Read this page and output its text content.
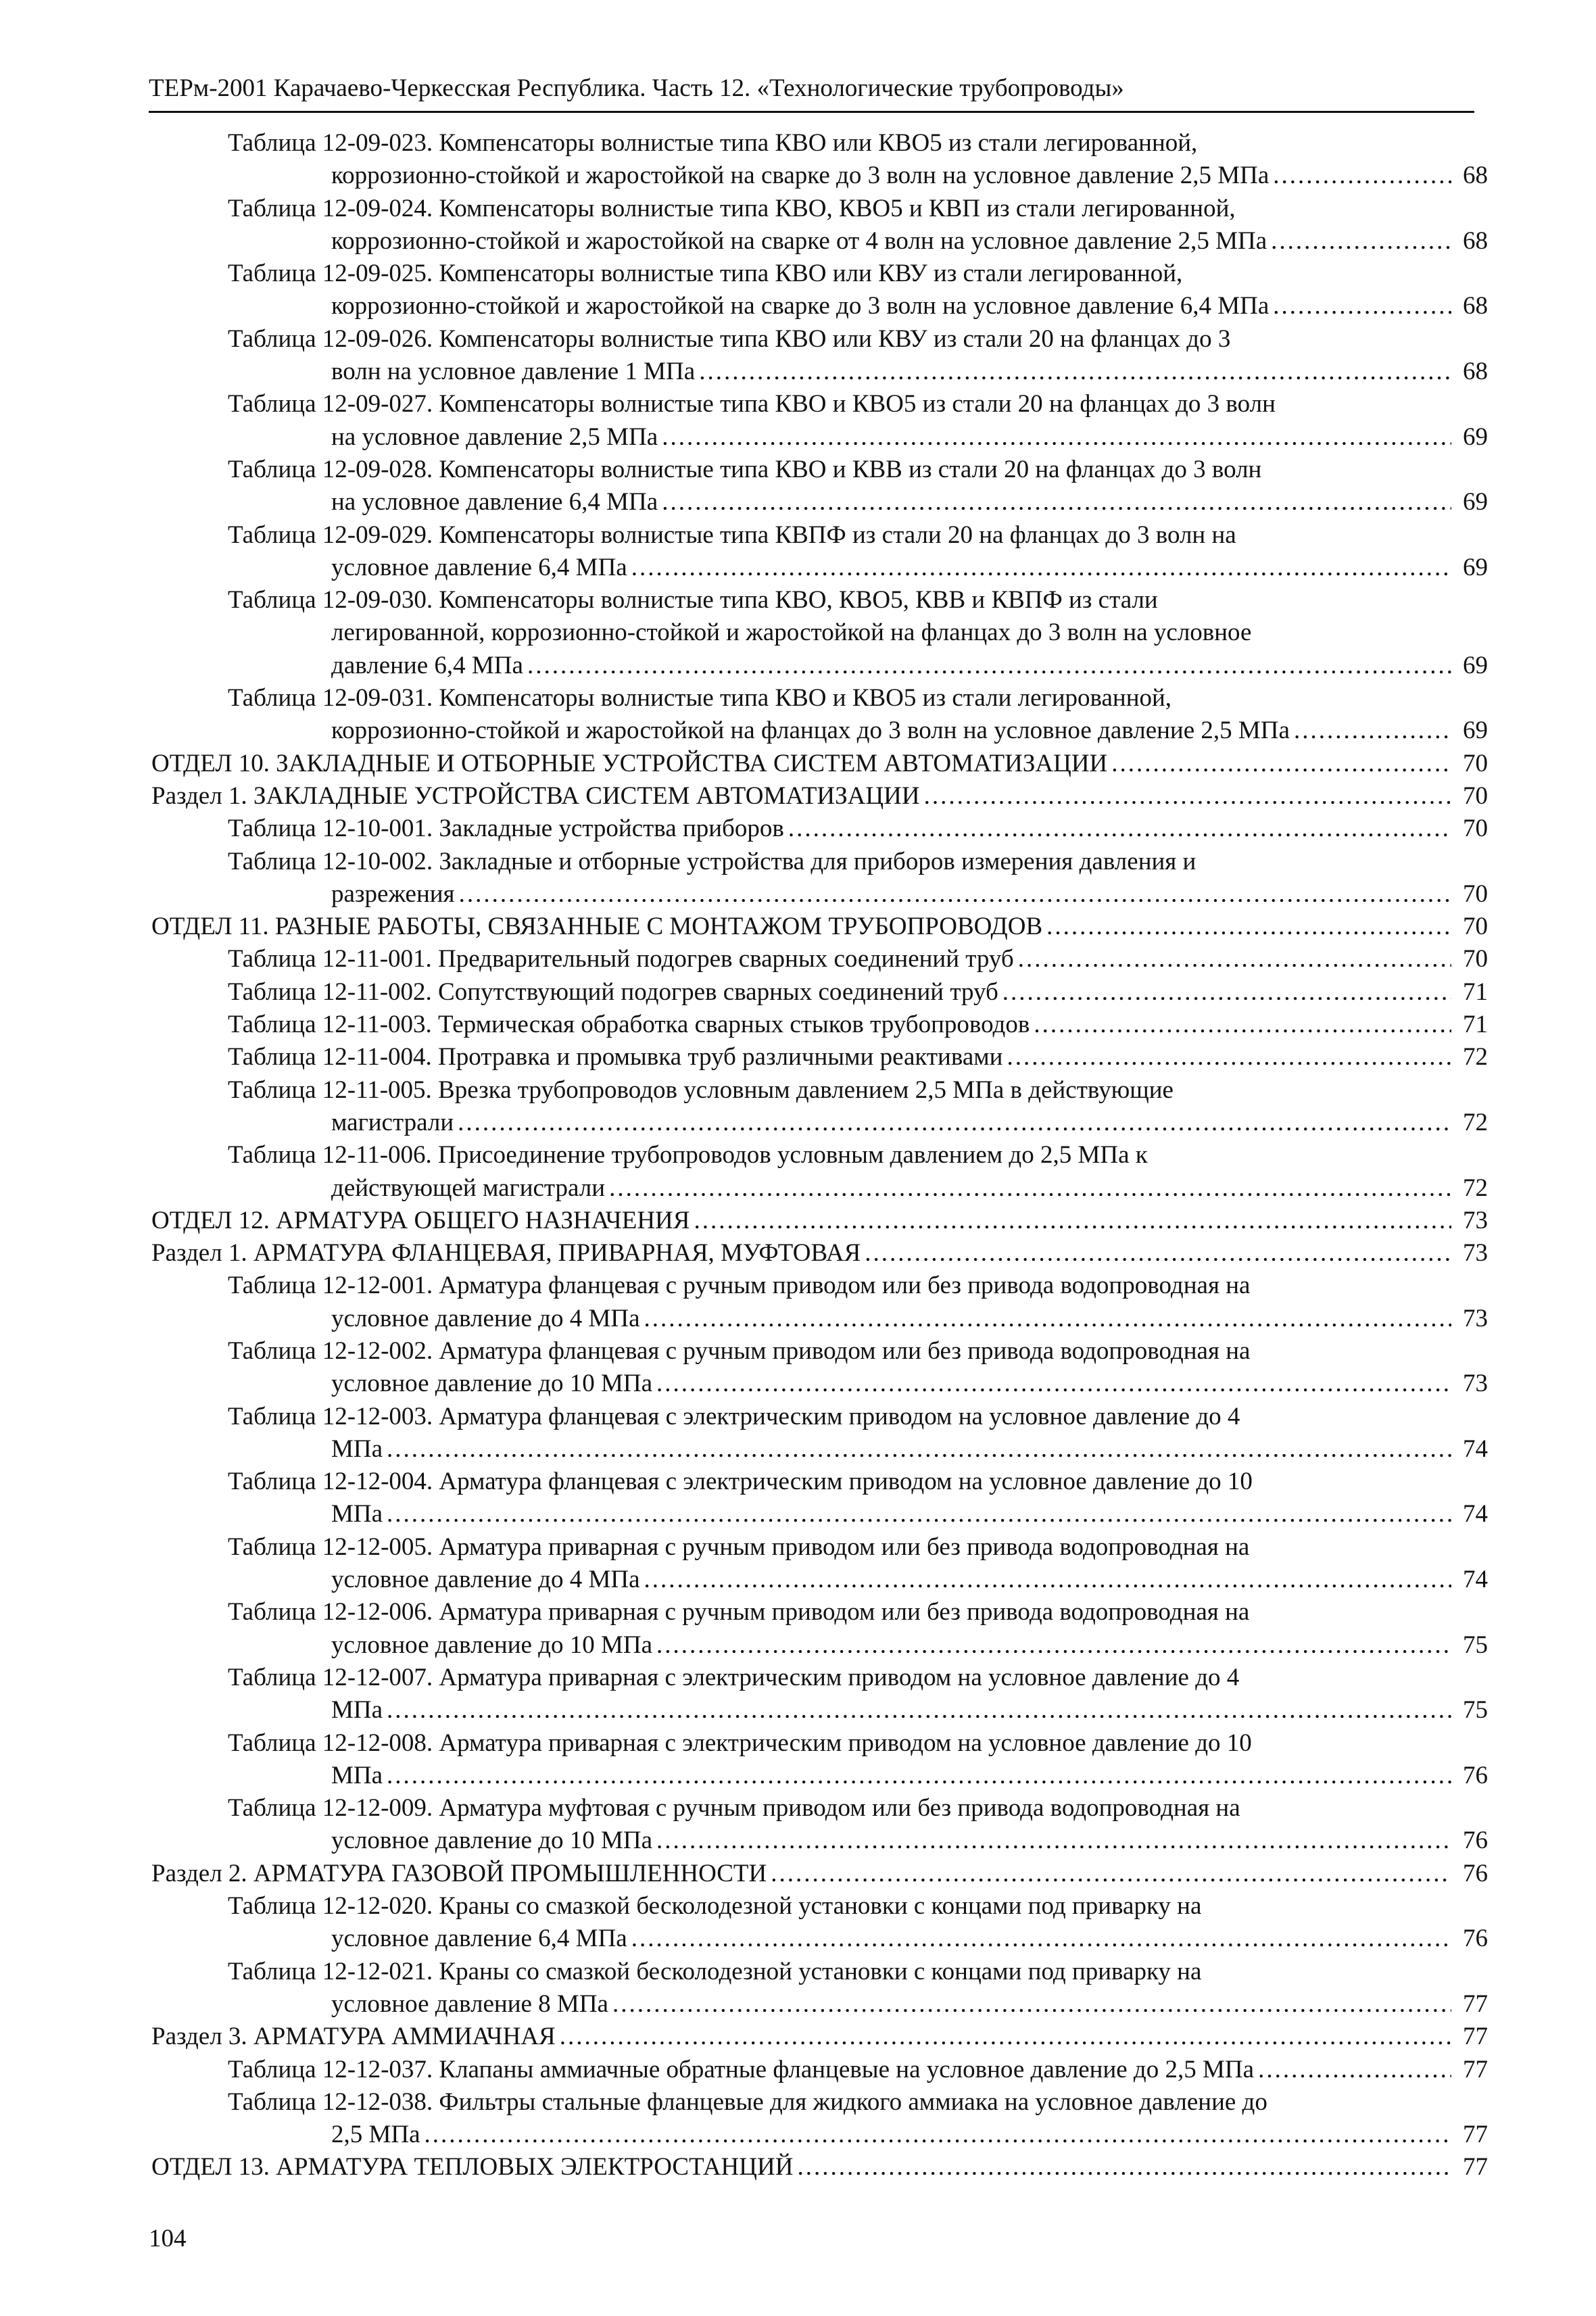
ТЕРм-2001 Карачаево-Черкесская Республика. Часть 12. «Технологические трубопроводы»
Таблица 12-09-023. Компенсаторы волнистые типа КВО или КВО5 из стали легированной,
коррозионно-стойкой и жаростойкой на сварке до 3 волн на условное давление 2,5 МПа .....	68
Таблица 12-09-024. Компенсаторы волнистые типа КВО, КВО5 и КВП из стали легированной,
коррозионно-стойкой и жаростойкой на сварке от 4 волн на условное давление 2,5 МПа .....	68
Таблица 12-09-025. Компенсаторы волнистые типа КВО или КВУ из стали легированной,
коррозионно-стойкой и жаростойкой на сварке до 3 волн на условное давление 6,4 МПа .....	68
Таблица 12-09-026. Компенсаторы волнистые типа КВО или КВУ из стали 20 на фланцах до 3
волн на условное давление 1 МПа .....	68
Таблица 12-09-027. Компенсаторы волнистые типа КВО и КВО5 из стали 20 на фланцах до 3 волн
на условное давление 2,5 МПа .....	69
Таблица 12-09-028. Компенсаторы волнистые типа КВО и КВВ из стали 20 на фланцах до 3 волн
на условное давление 6,4 МПа .....	69
Таблица 12-09-029. Компенсаторы волнистые типа КВПФ из стали 20 на фланцах до 3 волн на
условное давление 6,4 МПа .....	69
Таблица 12-09-030. Компенсаторы волнистые типа КВО, КВО5, КВВ и КВПФ из стали
легированной, коррозионно-стойкой и жаростойкой на фланцах до 3 волн на условное
давление 6,4 МПа .....	69
Таблица 12-09-031. Компенсаторы волнистые типа КВО и КВО5 из стали легированной,
коррозионно-стойкой и жаростойкой на фланцах до 3 волн на условное давление 2,5 МПа .....	69
ОТДЕЛ 10. ЗАКЛАДНЫЕ И ОТБОРНЫЕ УСТРОЙСТВА СИСТЕМ АВТОМАТИЗАЦИИ .....	70
Раздел 1. ЗАКЛАДНЫЕ УСТРОЙСТВА СИСТЕМ АВТОМАТИЗАЦИИ .....	70
Таблица 12-10-001. Закладные устройства приборов .....	70
Таблица 12-10-002. Закладные и отборные устройства для приборов измерения давления и
разрежения .....	70
ОТДЕЛ 11. РАЗНЫЕ РАБОТЫ, СВЯЗАННЫЕ С МОНТАЖОМ ТРУБОПРОВОДОВ .....	70
Таблица 12-11-001. Предварительный подогрев сварных соединений труб .....	70
Таблица 12-11-002. Сопутствующий подогрев сварных соединений труб .....	71
Таблица 12-11-003. Термическая обработка сварных стыков трубопроводов .....	71
Таблица 12-11-004. Протравка и промывка труб различными реактивами .....	72
Таблица 12-11-005. Врезка трубопроводов условным давлением 2,5 МПа в действующие
магистрали .....	72
Таблица 12-11-006. Присоединение трубопроводов условным давлением до 2,5 МПа к
действующей магистрали .....	72
ОТДЕЛ 12. АРМАТУРА ОБЩЕГО НАЗНАЧЕНИЯ .....	73
Раздел 1. АРМАТУРА ФЛАНЦЕВАЯ, ПРИВАРНАЯ, МУФТОВАЯ .....	73
Таблица 12-12-001. Арматура фланцевая с ручным приводом или без привода водопроводная на
условное давление до 4 МПа .....	73
Таблица 12-12-002. Арматура фланцевая с ручным приводом или без привода водопроводная на
условное давление до 10 МПа .....	73
Таблица 12-12-003. Арматура фланцевая с электрическим приводом на условное давление до 4
МПа .....	74
Таблица 12-12-004. Арматура фланцевая с электрическим приводом на условное давление до 10
МПа .....	74
Таблица 12-12-005. Арматура приварная с ручным приводом или без привода водопроводная на
условное давление до 4 МПа .....	74
Таблица 12-12-006. Арматура приварная с ручным приводом или без привода водопроводная на
условное давление до 10 МПа .....	75
Таблица 12-12-007. Арматура приварная с электрическим приводом на условное давление до 4
МПа .....	75
Таблица 12-12-008. Арматура приварная с электрическим приводом на условное давление до 10
МПа .....	76
Таблица 12-12-009. Арматура муфтовая с ручным приводом или без привода водопроводная на
условное давление до 10 МПа .....	76
Раздел 2. АРМАТУРА ГАЗОВОЙ ПРОМЫШЛЕННОСТИ .....	76
Таблица 12-12-020. Краны со смазкой бесколодезной установки с концами под приварку на
условное давление 6,4 МПа .....	76
Таблица 12-12-021. Краны со смазкой бесколодезной установки с концами под приварку на
условное давление 8 МПа .....	77
Раздел 3. АРМАТУРА АММИАЧНАЯ .....	77
Таблица 12-12-037. Клапаны аммиачные обратные фланцевые на условное давление до 2,5 МПа .....	77
Таблица 12-12-038. Фильтры стальные фланцевые для жидкого аммиака на условное давление до
2,5 МПа .....	77
ОТДЕЛ 13. АРМАТУРА ТЕПЛОВЫХ ЭЛЕКТРОСТАНЦИЙ .....	77
104
